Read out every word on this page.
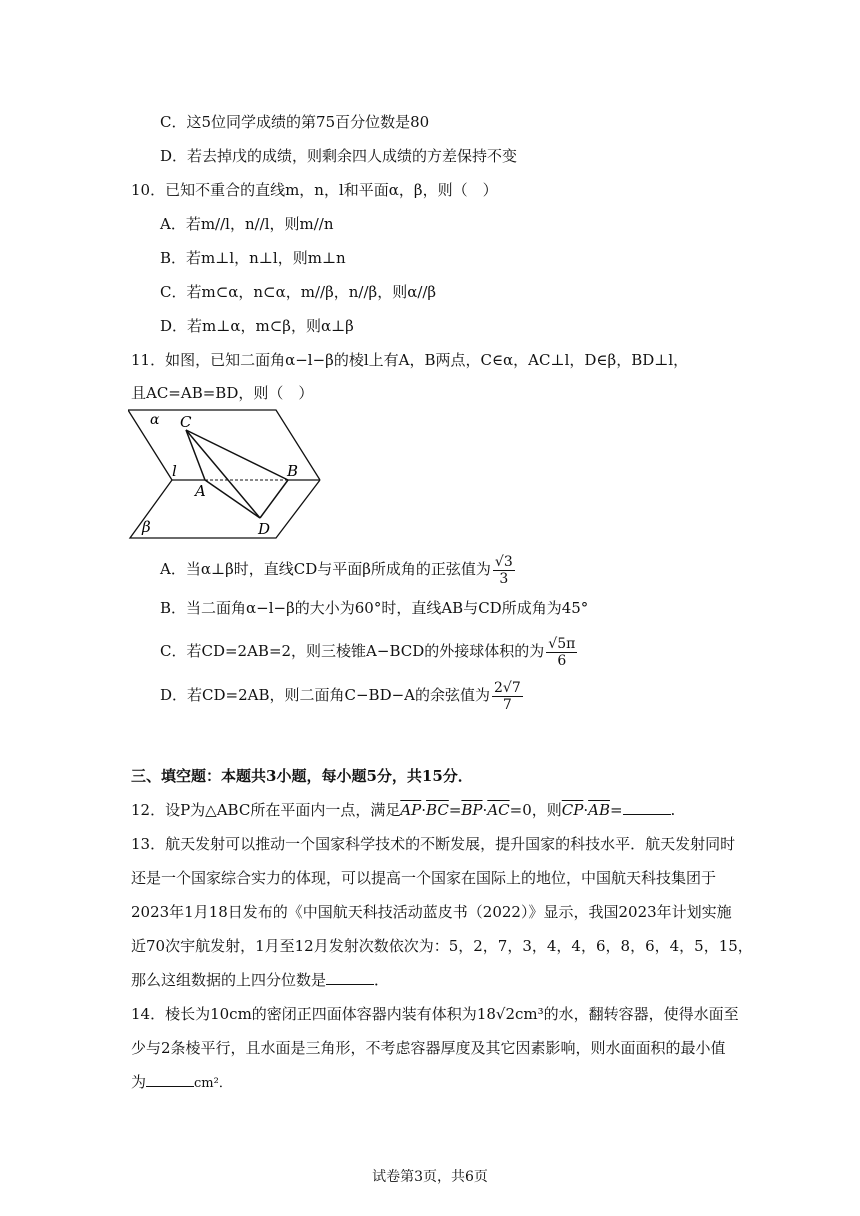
C．这5位同学成绩的第75百分位数是80
D．若去掉戊的成绩，则剩余四人成绩的方差保持不变
10．已知不重合的直线m，n，l和平面α，β，则（　）
A．若m//l，n//l，则m//n
B．若m⊥l，n⊥l，则m⊥n
C．若m⊂α，n⊂α，m//β，n//β，则α//β
D．若m⊥α，m⊂β，则α⊥β
11．如图，已知二面角α−l−β的棱l上有A，B两点，C∈α，AC⊥l，D∈β，BD⊥l，
且AC=AB=BD，则（　）
α
β
l
A
B
C
D
A．当α⊥β时，直线CD与平面β所成角的正弦值为 $\frac{√3}{3}$
B．当二面角α−l−β的大小为60°时，直线AB与CD所成角为45°
C．若CD=2AB=2，则三棱锥A−BCD的外接球体积的为 $\frac{√5\pi}{6}$
D．若CD=2AB，则二面角C−BD−A的余弦值为 $\frac{2√7}{7}$
三、填空题：本题共3小题，每小题5分，共15分．
12．设P为△ABC所在平面内一点，满足$\overline{AP}\cdot\overline{BC}=\overline{BP}\cdot\overline{AC}=0$，则$\overline{CP}\cdot\overline{AB}=$	.
13．航天发射可以推动一个国家科学技术的不断发展，提升国家的科技水平．航天发射同时
还是一个国家综合实力的体现，可以提高一个国家在国际上的地位，中国航天科技集团于
2023年1月18日发布的《中国航天科技活动蓝皮书（2022）》显示，我国2023年计划实施
近70次宇航发射，1月至12月发射次数依次为：5，2，7，3，4，4，6，8，6，4，5，15，
那么这组数据的上四分位数是	．
14．棱长为10cm的密闭正四面体容器内装有体积为18√2cm³的水，翻转容器，使得水面至
少与2条棱平行，且水面是三角形，不考虑容器厚度及其它因素影响，则水面面积的最小值
为	cm²．
试卷第3页，共6页
